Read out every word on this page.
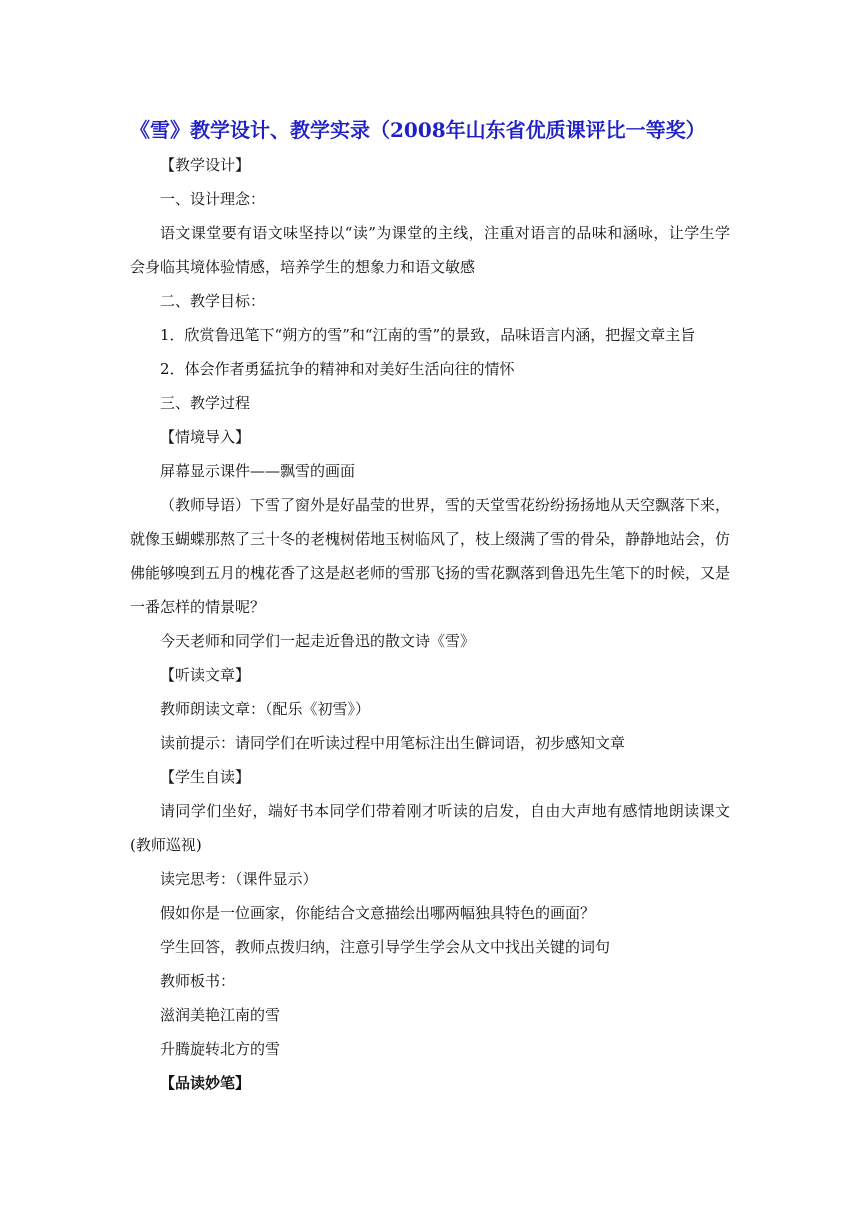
《雪》教学设计、教学实录（2008年山东省优质课评比一等奖）

【教学设计】

一、设计理念：

语文课堂要有语文味坚持以“读”为课堂的主线，注重对语言的品味和涵咏，让学生学会身临其境体验情感，培养学生的想象力和语文敏感

二、教学目标：

1．欣赏鲁迅笔下“朔方的雪”和“江南的雪”的景致，品味语言内涵，把握文章主旨

2．体会作者勇猛抗争的精神和对美好生活向往的情怀

三、教学过程

【情境导入】

屏幕显示课件——飘雪的画面

（教师导语）下雪了窗外是好晶莹的世界，雪的天堂雪花纷纷扬扬地从天空飘落下来，就像玉蝴蝶那熬了三十冬的老槐树偌地玉树临风了，枝上缀满了雪的骨朵，静静地站会，仿佛能够嗅到五月的槐花香了这是赵老师的雪那飞扬的雪花飘落到鲁迅先生笔下的时候，又是一番怎样的情景呢？

今天老师和同学们一起走近鲁迅的散文诗《雪》

【听读文章】

教师朗读文章：（配乐《初雪》）

读前提示：请同学们在听读过程中用笔标注出生僻词语，初步感知文章

【学生自读】

请同学们坐好，端好书本同学们带着刚才听读的启发，自由大声地有感情地朗读课文(教师巡视)

读完思考：（课件显示）

假如你是一位画家，你能结合文意描绘出哪两幅独具特色的画面？

学生回答，教师点拨归纳，注意引导学生学会从文中找出关键的词句

教师板书：

滋润美艳江南的雪

升腾旋转北方的雪

【品读妙笔】
